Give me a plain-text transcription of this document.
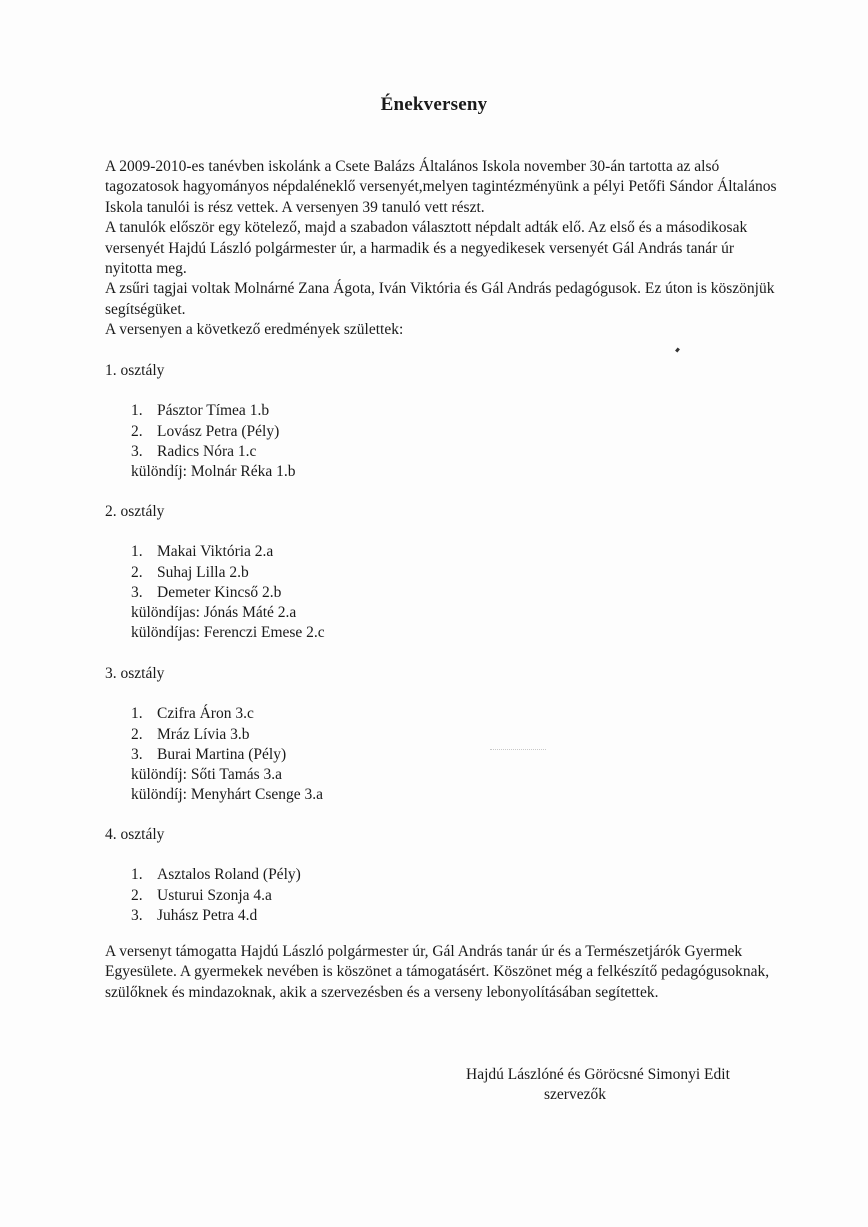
Énekverseny

A 2009-2010-es tanévben iskolánk a Csete Balázs Általános Iskola november 30-án tartotta az alsó tagozatosok hagyományos népdaléneklő versenyét,melyen tagintézményünk a pélyi Petőfi Sándor Általános Iskola tanulói is rész vettek. A versenyen 39 tanuló vett részt.

A tanulók először egy kötelező, majd a szabadon választott népdalt adták elő. Az első és a másodikosak versenyét Hajdú László polgármester úr, a harmadik és a negyedikesek versenyét Gál András tanár úr nyitotta meg.

A zsűri tagjai voltak Molnárné Zana Ágota, Iván Viktória és Gál András pedagógusok. Ez úton is köszönjük segítségüket.

A versenyen a következő eredmények születtek:

1. osztály

1. Pásztor Tímea 1.b
2. Lovász Petra (Pély)
3. Radics Nóra 1.c
különdíj: Molnár Réka 1.b

2. osztály

1. Makai Viktória 2.a
2. Suhaj Lilla 2.b
3. Demeter Kincső 2.b
különdíjas: Jónás Máté 2.a
különdíjas: Ferenczi Emese 2.c

3. osztály

1. Czifra Áron 3.c
2. Mráz Lívia 3.b
3. Burai Martina (Pély)
különdíj: Sőti Tamás 3.a
különdíj: Menyhárt Csenge 3.a

4. osztály

1. Asztalos Roland (Pély)
2. Usturui Szonja 4.a
3. Juhász Petra 4.d

A versenyt támogatta Hajdú László polgármester úr, Gál András tanár úr és a Természetjárók Gyermek Egyesülete. A gyermekek nevében is köszönet a támogatásért. Köszönet még a felkészítő pedagógusoknak, szülőknek és mindazoknak, akik a szervezésben és a verseny lebonyolításában segítettek.

Hajdú Lászlóné és Göröcsné Simonyi Edit
szervezők
